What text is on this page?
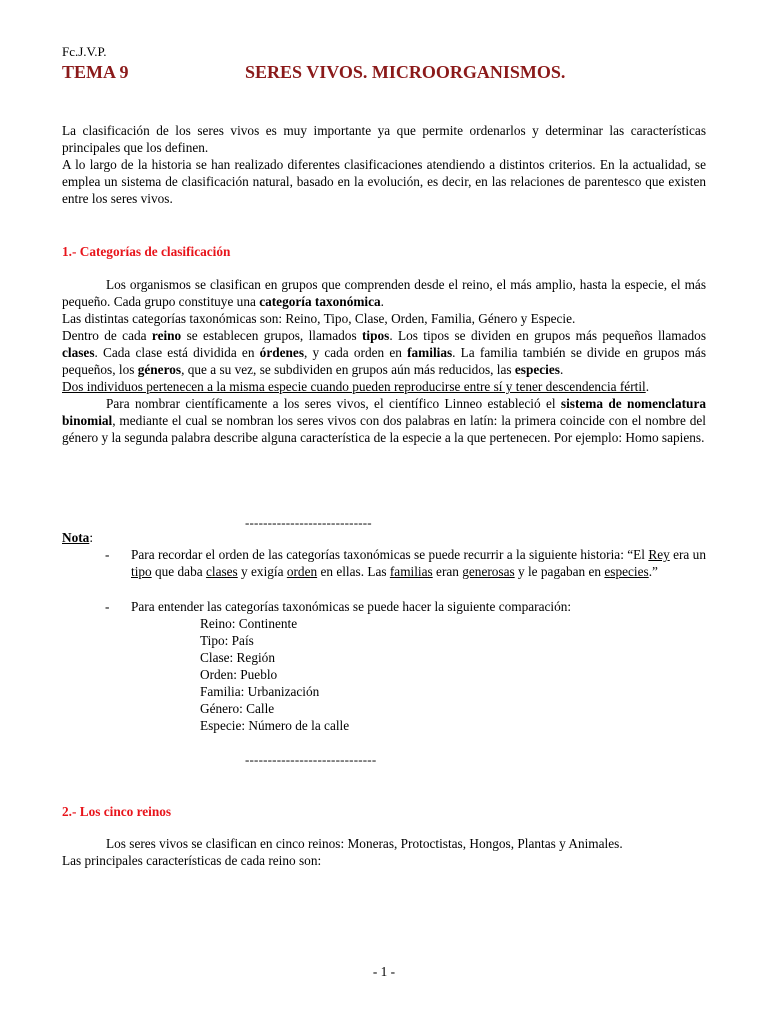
Fc.J.V.P.
TEMA 9	SERES VIVOS. MICROORGANISMOS.

La clasificación de los seres vivos es muy importante ya que permite ordenarlos y determinar las características principales que los definen.

A lo largo de la historia se han realizado diferentes clasificaciones atendiendo a distintos criterios. En la actualidad, se emplea un sistema de clasificación natural, basado en la evolución, es decir, en las relaciones de parentesco que existen entre los seres vivos.

1.- Categorías de clasificación

Los organismos se clasifican en grupos que comprenden desde el reino, el más amplio, hasta la especie, el más pequeño. Cada grupo constituye una categoría taxonómica.

Las distintas categorías taxonómicas son: Reino, Tipo, Clase, Orden, Familia, Género y Especie.

Dentro de cada reino se establecen grupos, llamados tipos. Los tipos se dividen en grupos más pequeños llamados clases. Cada clase está dividida en órdenes, y cada orden en familias. La familia también se divide en grupos más pequeños, los géneros, que a su vez, se subdividen en grupos aún más reducidos, las especies.

Dos individuos pertenecen a la misma especie cuando pueden reproducirse entre sí y tener descendencia fértil.

Para nombrar científicamente a los seres vivos, el científico Linneo estableció el sistema de nomenclatura binomial, mediante el cual se nombran los seres vivos con dos palabras en latín: la primera coincide con el nombre del género y la segunda palabra describe alguna característica de la especie a la que pertenecen. Por ejemplo: Homo sapiens.

----------------------------
Nota:
- Para recordar el orden de las categorías taxonómicas se puede recurrir a la siguiente historia: “El Rey era un tipo que daba clases y exigía orden en ellas. Las familias eran generosas y le pagaban en especies.”
- Para entender las categorías taxonómicas se puede hacer la siguiente comparación:
Reino: Continente
Tipo: País
Clase: Región
Orden: Pueblo
Familia: Urbanización
Género: Calle
Especie: Número de la calle
-----------------------------
2.- Los cinco reinos

Los seres vivos se clasifican en cinco reinos: Moneras, Protoctistas, Hongos, Plantas y Animales.

Las principales características de cada reino son:

- 1 -
